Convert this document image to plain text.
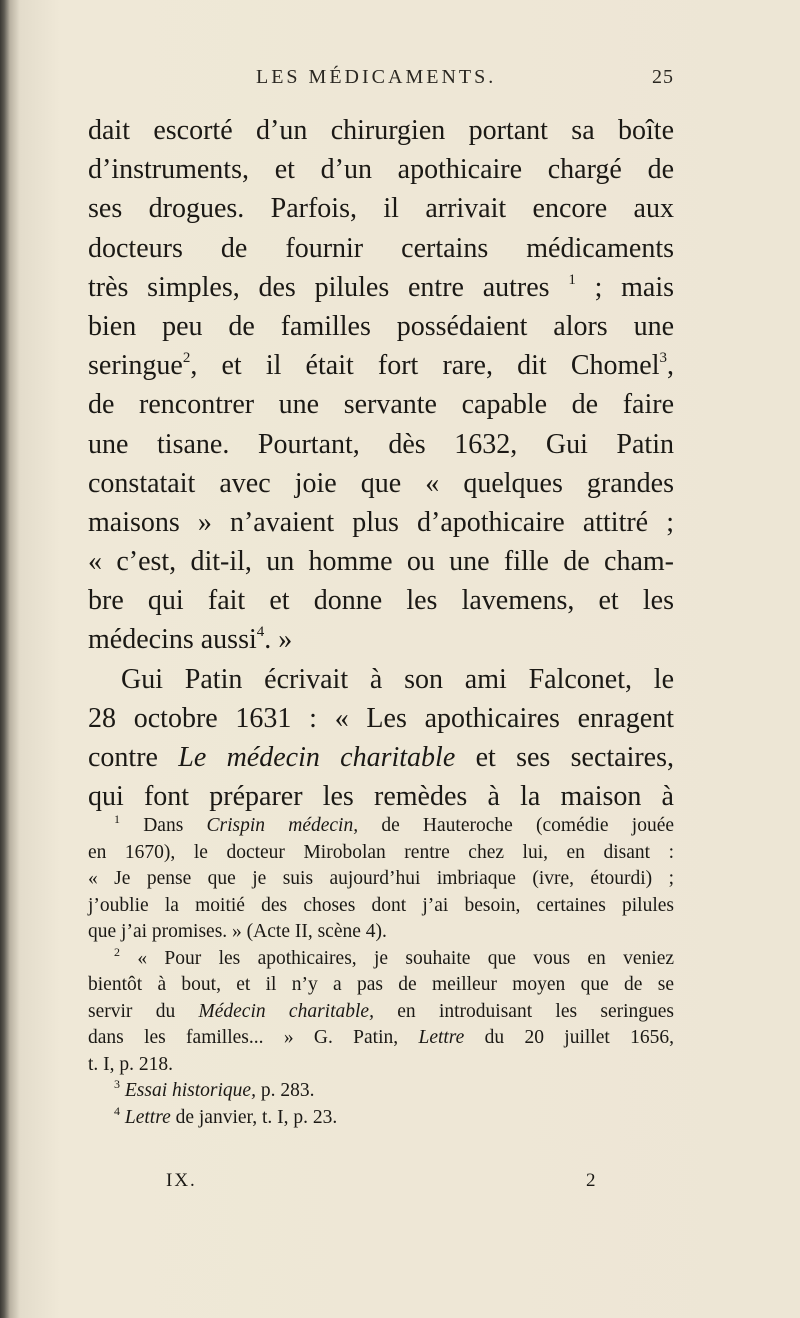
LES MÉDICAMENTS.	25
dait escorté d’un chirurgien portant sa boîte
d’instruments, et d’un apothicaire chargé de
ses drogues. Parfois, il arrivait encore aux
docteurs de fournir certains médicaments
très simples, des pilules entre autres $^1$ ; mais
bien peu de familles possédaient alors une
seringue$^2$, et il était fort rare, dit Chomel$^3$,
de rencontrer une servante capable de faire
une tisane. Pourtant, dès 1632, Gui Patin
constatait avec joie que « quelques grandes
maisons » n’avaient plus d’apothicaire attitré ;
« c’est, dit-il, un homme ou une fille de cham-
bre qui fait et donne les lavemens, et les
médecins aussi$^4$. »
Gui Patin écrivait à son ami Falconet, le
28 octobre 1631 : « Les apothicaires enragent
contre Le médecin charitable et ses sectaires,
qui font préparer les remèdes à la maison à
$^1$ Dans Crispin médecin, de Hauteroche (comédie jouée
en 1670), le docteur Mirobolan rentre chez lui, en disant :
« Je pense que je suis aujourd’hui imbriaque (ivre, étourdi) ;
j’oublie la moitié des choses dont j’ai besoin, certaines pilules
que j’ai promises. » (Acte II, scène 4).
$^2$ « Pour les apothicaires, je souhaite que vous en veniez
bientôt à bout, et il n’y a pas de meilleur moyen que de se
servir du Médecin charitable, en introduisant les seringues
dans les familles... » G. Patin, Lettre du 20 juillet 1656,
t. I, p. 218.
$^3$ Essai historique, p. 283.
$^4$ Lettre de janvier, t. I, p. 23.
IX.	2
